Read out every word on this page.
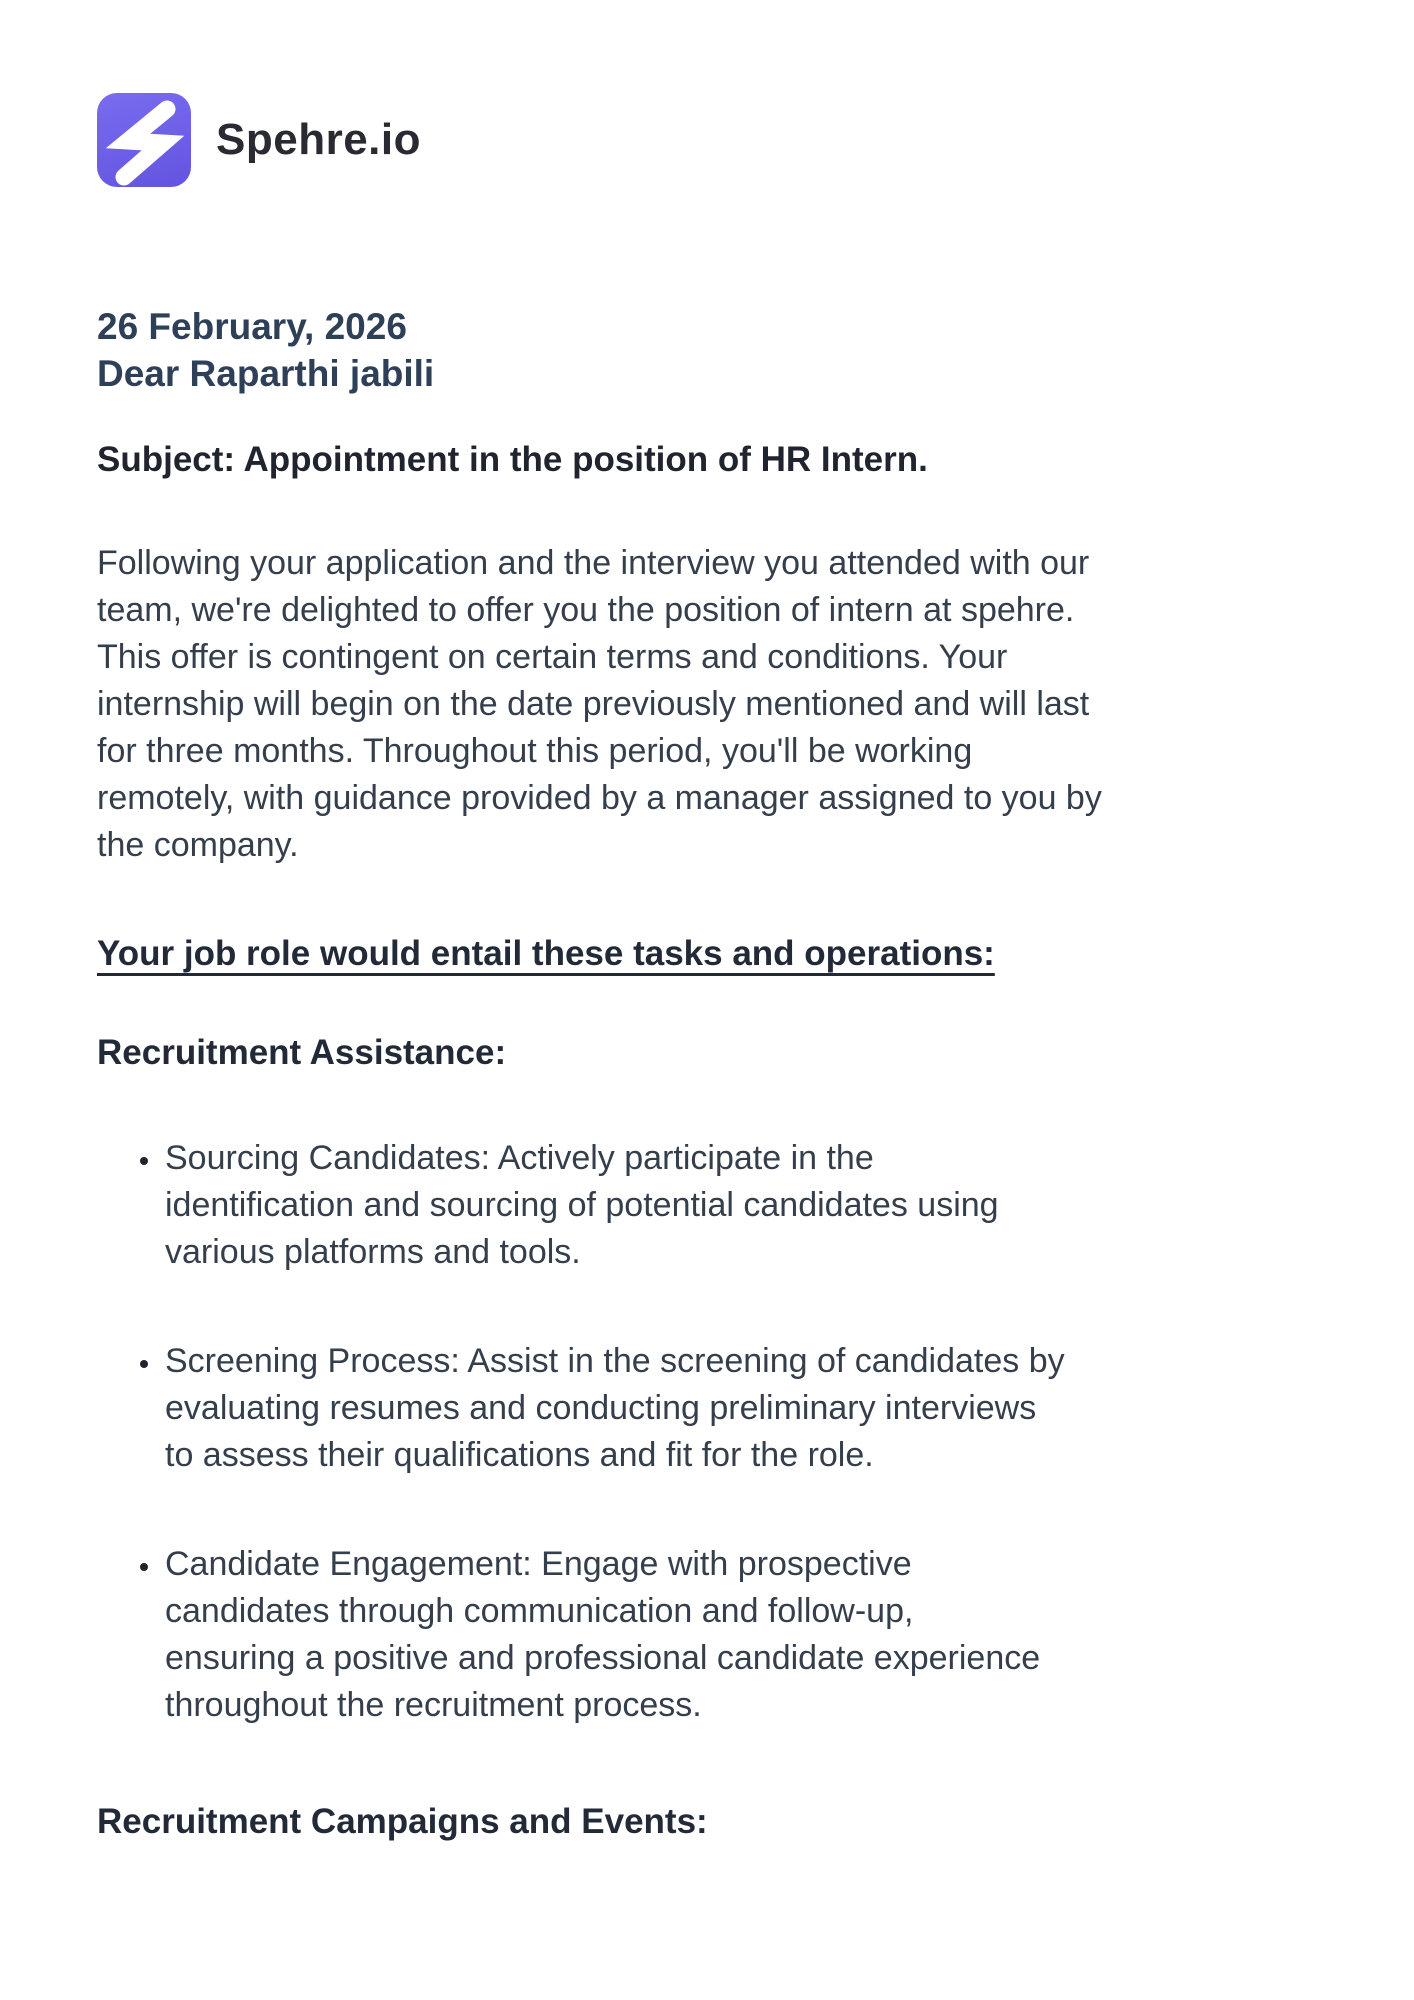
Spehre.io
26 February, 2026
Dear Raparthi jabili
Subject: Appointment in the position of HR Intern.

Following your application and the interview you attended with our
team, we're delighted to offer you the position of intern at spehre.
This offer is contingent on certain terms and conditions. Your
internship will begin on the date previously mentioned and will last
for three months. Throughout this period, you'll be working
remotely, with guidance provided by a manager assigned to you by
the company.

Your job role would entail these tasks and operations:
Recruitment Assistance:
• Sourcing Candidates: Actively participate in the
identification and sourcing of potential candidates using
various platforms and tools.
• Screening Process: Assist in the screening of candidates by
evaluating resumes and conducting preliminary interviews
to assess their qualifications and fit for the role.
• Candidate Engagement: Engage with prospective
candidates through communication and follow-up,
ensuring a positive and professional candidate experience
throughout the recruitment process.
Recruitment Campaigns and Events:
